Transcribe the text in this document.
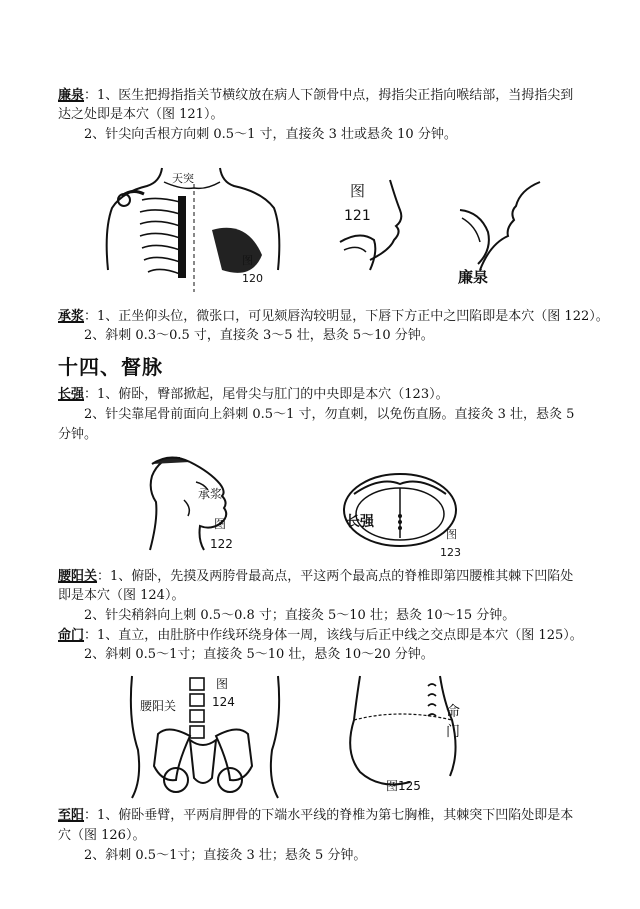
廉泉：1、医生把拇指指关节横纹放在病人下颌骨中点，拇指尖正指向喉结部，当拇指尖到
达之处即是本穴（图 121）。
2、针尖向舌根方向刺 0.5～1 寸，直接灸 3 壮或悬灸 10 分钟。
天突
图
120
图
121
廉泉
承浆：1、正坐仰头位，微张口，可见颏唇沟较明显，下唇下方正中之凹陷即是本穴（图 122）。
2、斜刺 0.3～0.5 寸，直接灸 3～5 壮，悬灸 5～10 分钟。
十四、督脉
长强：1、俯卧，臀部掀起，尾骨尖与肛门的中央即是本穴（123）。
2、针尖靠尾骨前面向上斜刺 0.5～1 寸，勿直刺，以免伤直肠。直接灸 3 壮，悬灸 5
分钟。
承浆
图
122
长强
图
123
腰阳关：1、俯卧，先摸及两胯骨最高点，平这两个最高点的脊椎即第四腰椎其棘下凹陷处
即是本穴（图 124）。
2、针尖稍斜向上刺 0.5～0.8 寸；直接灸 5～10 壮；悬灸 10～15 分钟。
命门：1、直立，由肚脐中作线环绕身体一周，该线与后正中线之交点即是本穴（图 125）。
2、斜刺 0.5～1寸；直接灸 5～10 壮，悬灸 10～20 分钟。
腰阳关
图
124
命
门
图125
至阳：1、俯卧垂臂，平两肩胛骨的下端水平线的脊椎为第七胸椎，其棘突下凹陷处即是本
穴（图 126）。
2、斜刺 0.5～1寸；直接灸 3 壮；悬灸 5 分钟。
